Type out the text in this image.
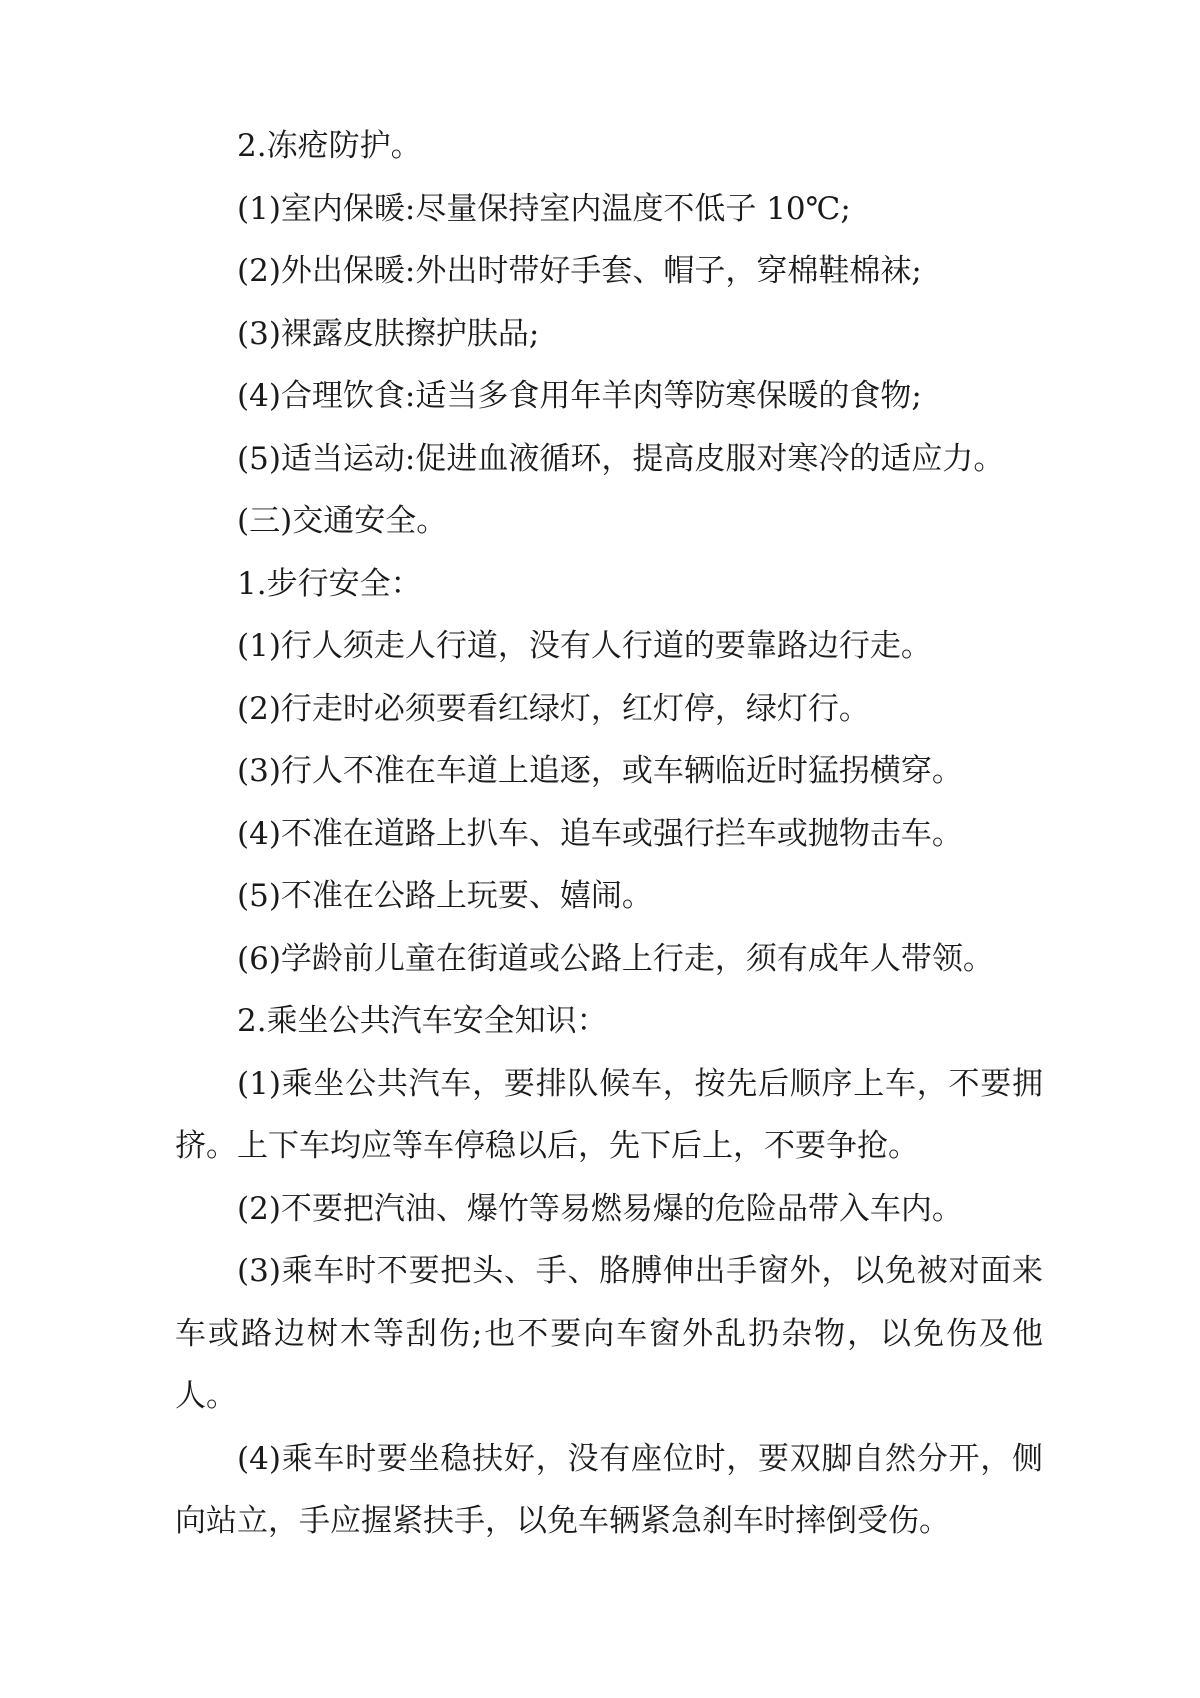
2.冻疮防护。

(1)室内保暖:尽量保持室内温度不低子 10℃;

(2)外出保暖:外出时带好手套、帽子，穿棉鞋棉袜;

(3)裸露皮肤擦护肤品;

(4)合理饮食:适当多食用年羊肉等防寒保暖的食物;

(5)适当运动:促进血液循环，提高皮服对寒冷的适应力。

(三)交通安全。

1.步行安全：

(1)行人须走人行道，没有人行道的要靠路边行走。

(2)行走时必须要看红绿灯，红灯停，绿灯行。

(3)行人不准在车道上追逐，或车辆临近时猛拐横穿。

(4)不准在道路上扒车、追车或强行拦车或抛物击车。

(5)不准在公路上玩要、嬉闹。

(6)学龄前儿童在街道或公路上行走，须有成年人带领。

2.乘坐公共汽车安全知识：

(1)乘坐公共汽车，要排队候车，按先后顺序上车，不要拥挤。上下车均应等车停稳以后，先下后上，不要争抢。

(2)不要把汽油、爆竹等易燃易爆的危险品带入车内。

(3)乘车时不要把头、手、胳膊伸出手窗外，以免被对面来车或路边树木等刮伤;也不要向车窗外乱扔杂物，以免伤及他人。

(4)乘车时要坐稳扶好，没有座位时，要双脚自然分开，侧向站立，手应握紧扶手，以免车辆紧急刹车时摔倒受伤。
